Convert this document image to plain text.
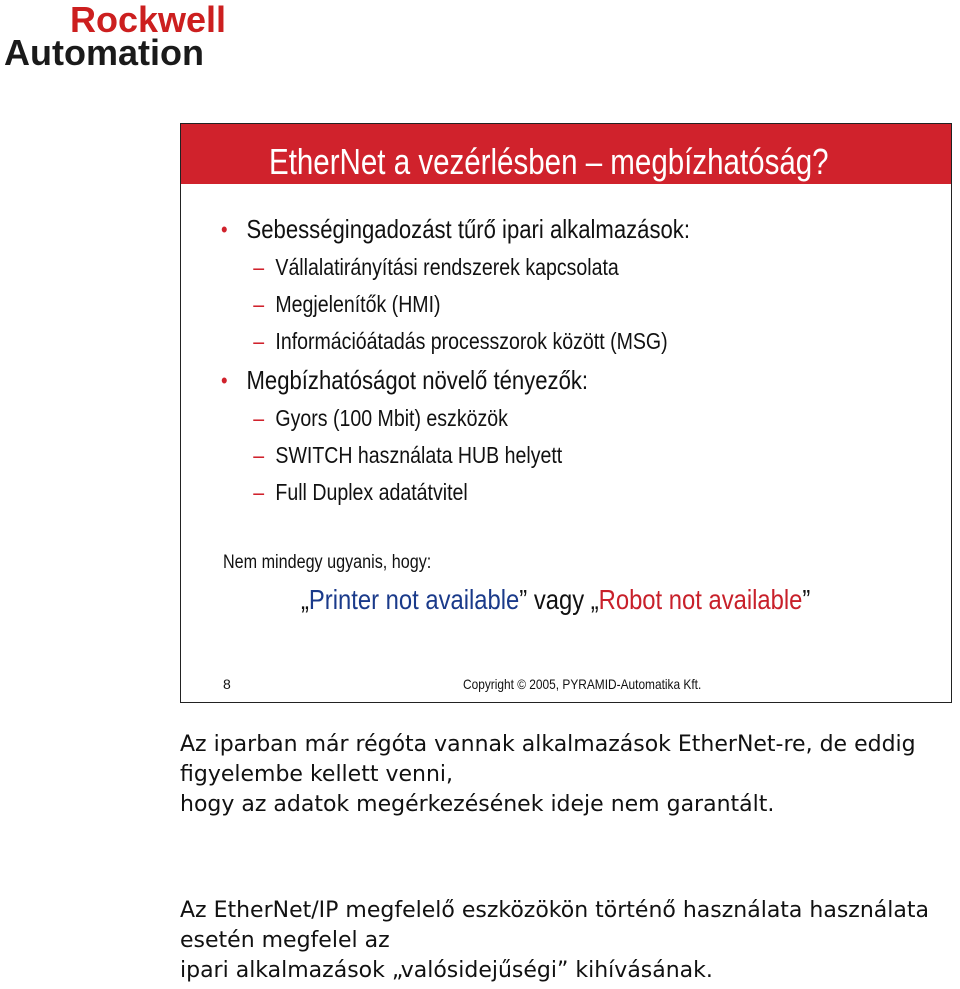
Rockwell
Automation
EtherNet a vezérlésben – megbízhatóság?
• Sebességingadozást tűrő ipari alkalmazások:
– Vállalatirányítási rendszerek kapcsolata
– Megjelenítők (HMI)
– Információátadás processzorok között (MSG)
• Megbízhatóságot növelő tényezők:
– Gyors (100 Mbit) eszközök
– SWITCH használata HUB helyett
– Full Duplex adatátvitel
Nem mindegy ugyanis, hogy:
„Printer not available” vagy „Robot not available”
8	Copyright © 2005, PYRAMID-Automatika Kft.
Az iparban már régóta vannak alkalmazások EtherNet-re, de eddig
figyelembe kellett venni,
hogy az adatok megérkezésének ideje nem garantált.
Az EtherNet/IP megfelelő eszközökön történő használata használata
esetén megfelel az
ipari alkalmazások „valósidejűségi” kihívásának.
